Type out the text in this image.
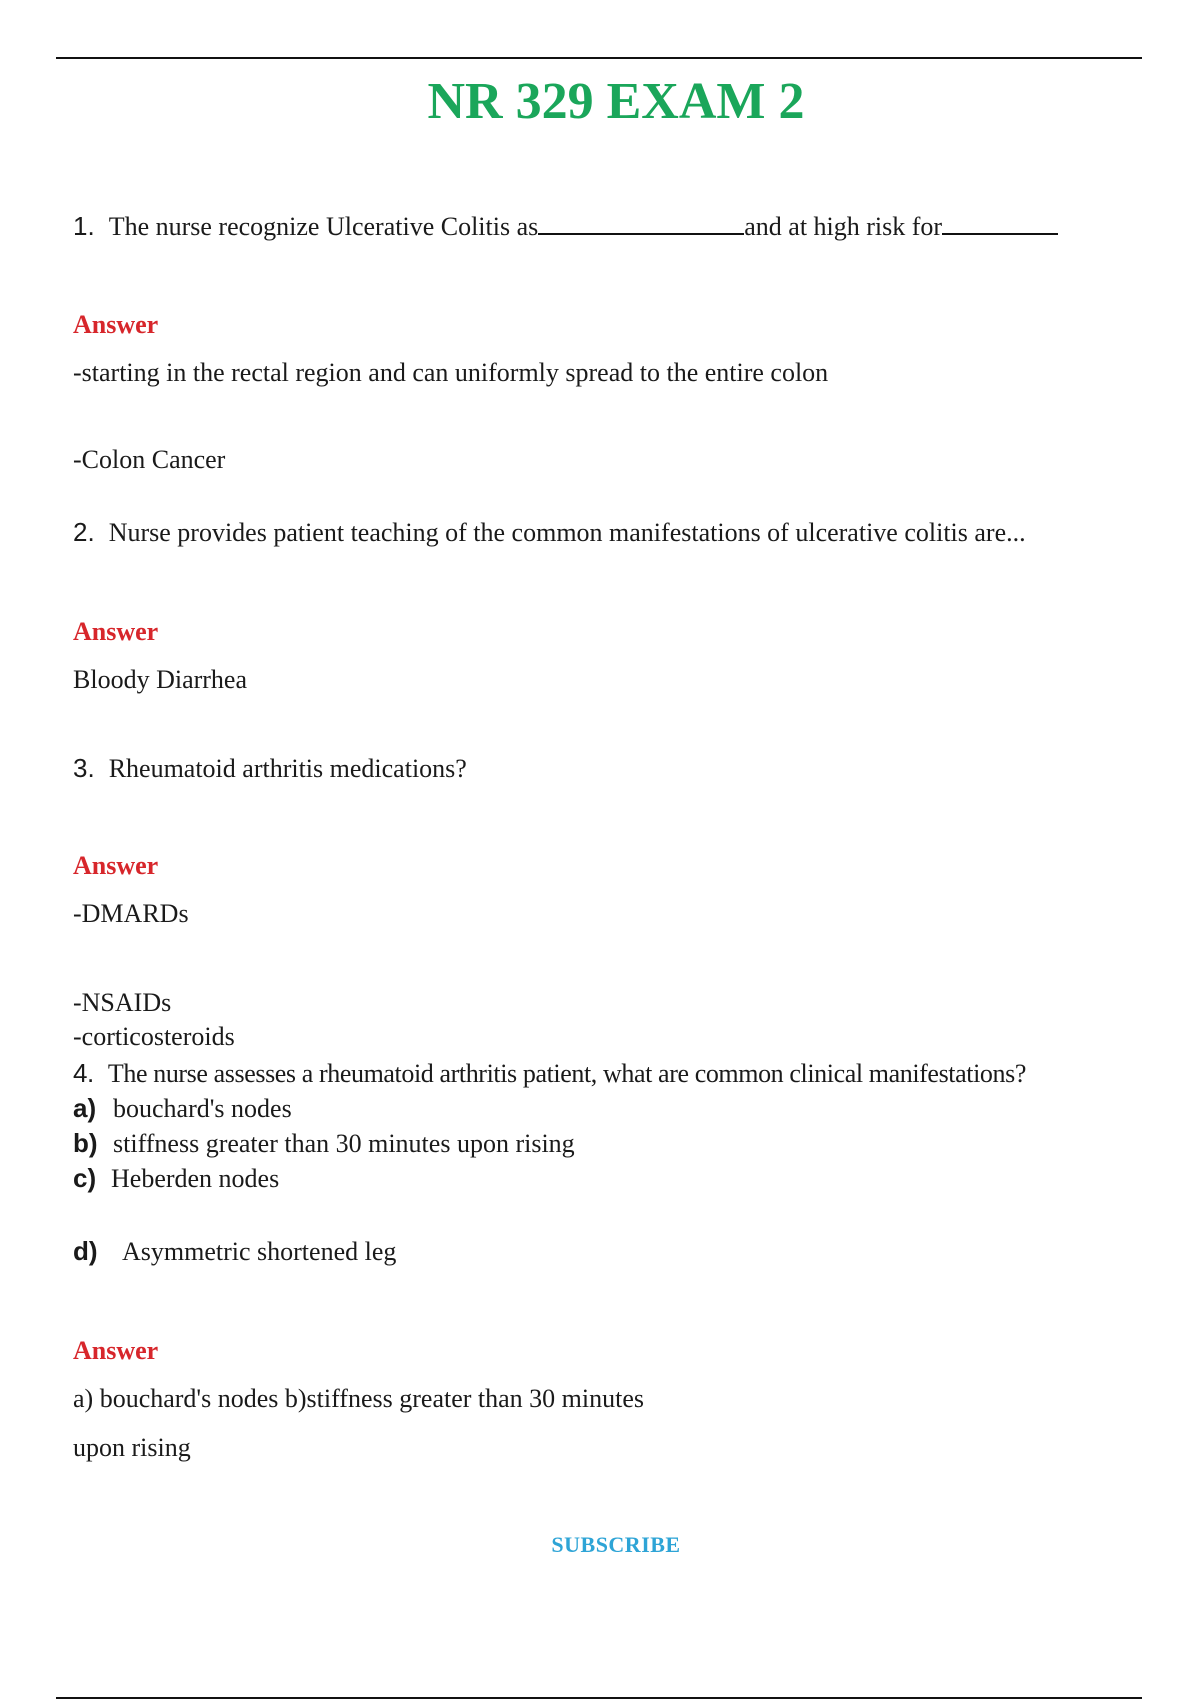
NR 329 EXAM 2
1. The nurse recognize Ulcerative Colitis as	and at high risk for
Answer
-starting in the rectal region and can uniformly spread to the entire colon
-Colon Cancer
2. Nurse provides patient teaching of the common manifestations of ulcerative colitis are...
Answer
Bloody Diarrhea
3. Rheumatoid arthritis medications?
Answer
-DMARDs
-NSAIDs
-corticosteroids
4. The nurse assesses a rheumatoid arthritis patient, what are common clinical manifestations?
a) bouchard's nodes
b) stiffness greater than 30 minutes upon rising
c) Heberden nodes
d) Asymmetric shortened leg
Answer
a) bouchard's nodes b)stiffness greater than 30 minutes
upon rising
SUBSCRIBE
